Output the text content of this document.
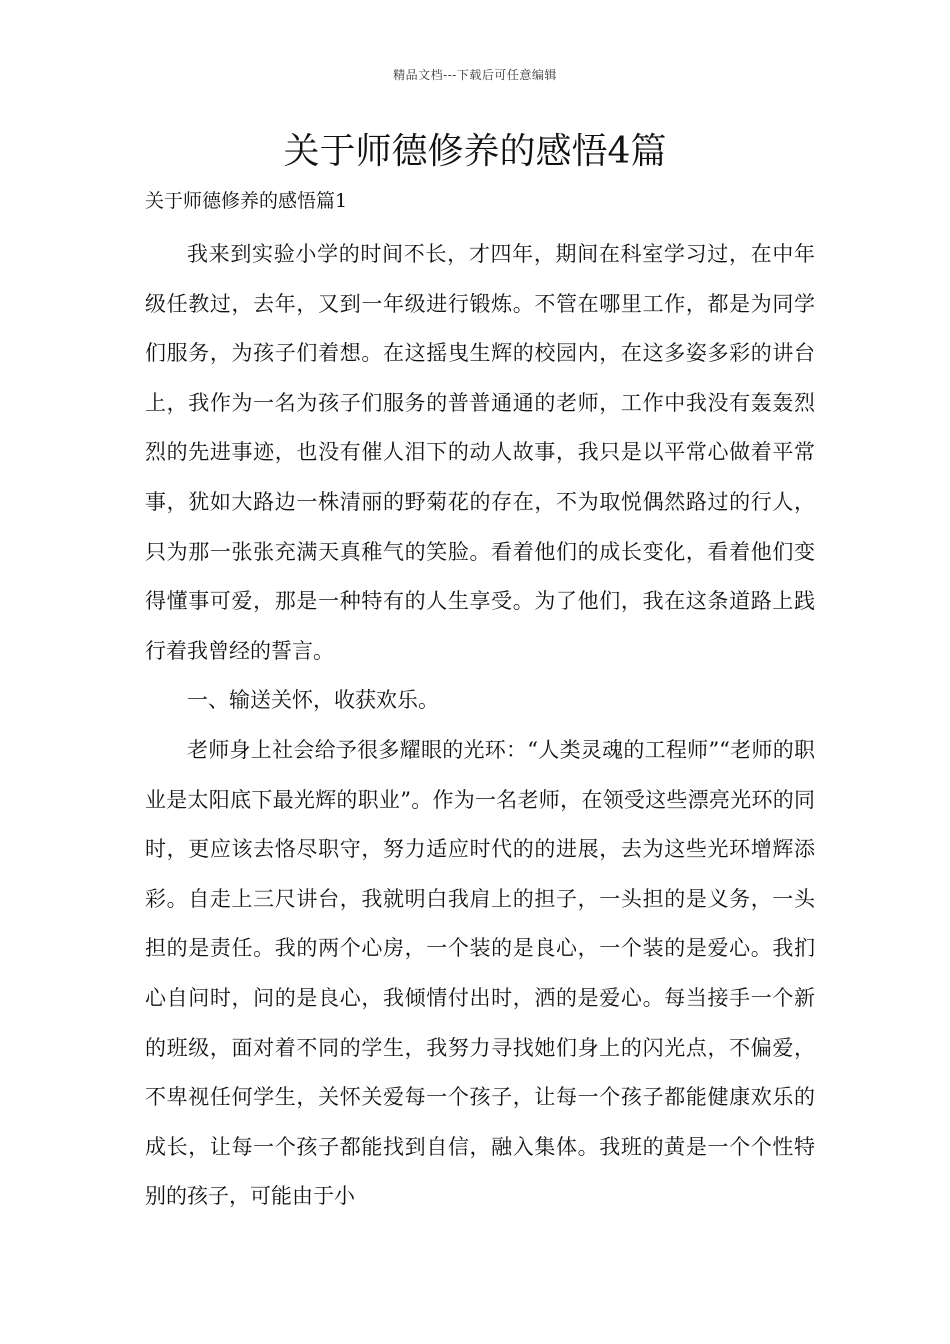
精品文档---下载后可任意编辑
关于师德修养的感悟4篇

关于师德修养的感悟篇1

我来到实验小学的时间不长，才四年，期间在科室学习过，在中年级任教过，去年，又到一年级进行锻炼。不管在哪里工作，都是为同学们服务，为孩子们着想。在这摇曳生辉的校园内，在这多姿多彩的讲台上，我作为一名为孩子们服务的普普通通的老师，工作中我没有轰轰烈烈的先进事迹，也没有催人泪下的动人故事，我只是以平常心做着平常事，犹如大路边一株清丽的野菊花的存在，不为取悦偶然路过的行人，只为那一张张充满天真稚气的笑脸。看着他们的成长变化，看着他们变得懂事可爱，那是一种特有的人生享受。为了他们，我在这条道路上践行着我曾经的誓言。

一、输送关怀，收获欢乐。

老师身上社会给予很多耀眼的光环：“人类灵魂的工程师”“老师的职业是太阳底下最光辉的职业”。作为一名老师，在领受这些漂亮光环的同时，更应该去恪尽职守，努力适应时代的的进展，去为这些光环增辉添彩。自走上三尺讲台，我就明白我肩上的担子，一头担的是义务，一头担的是责任。我的两个心房，一个装的是良心，一个装的是爱心。我扪心自问时，问的是良心，我倾情付出时，洒的是爱心。每当接手一个新的班级，面对着不同的学生，我努力寻找她们身上的闪光点，不偏爱，不卑视任何学生，关怀关爱每一个孩子，让每一个孩子都能健康欢乐的成长，让每一个孩子都能找到自信，融入集体。我班的黄是一个个性特别的孩子，可能由于小
